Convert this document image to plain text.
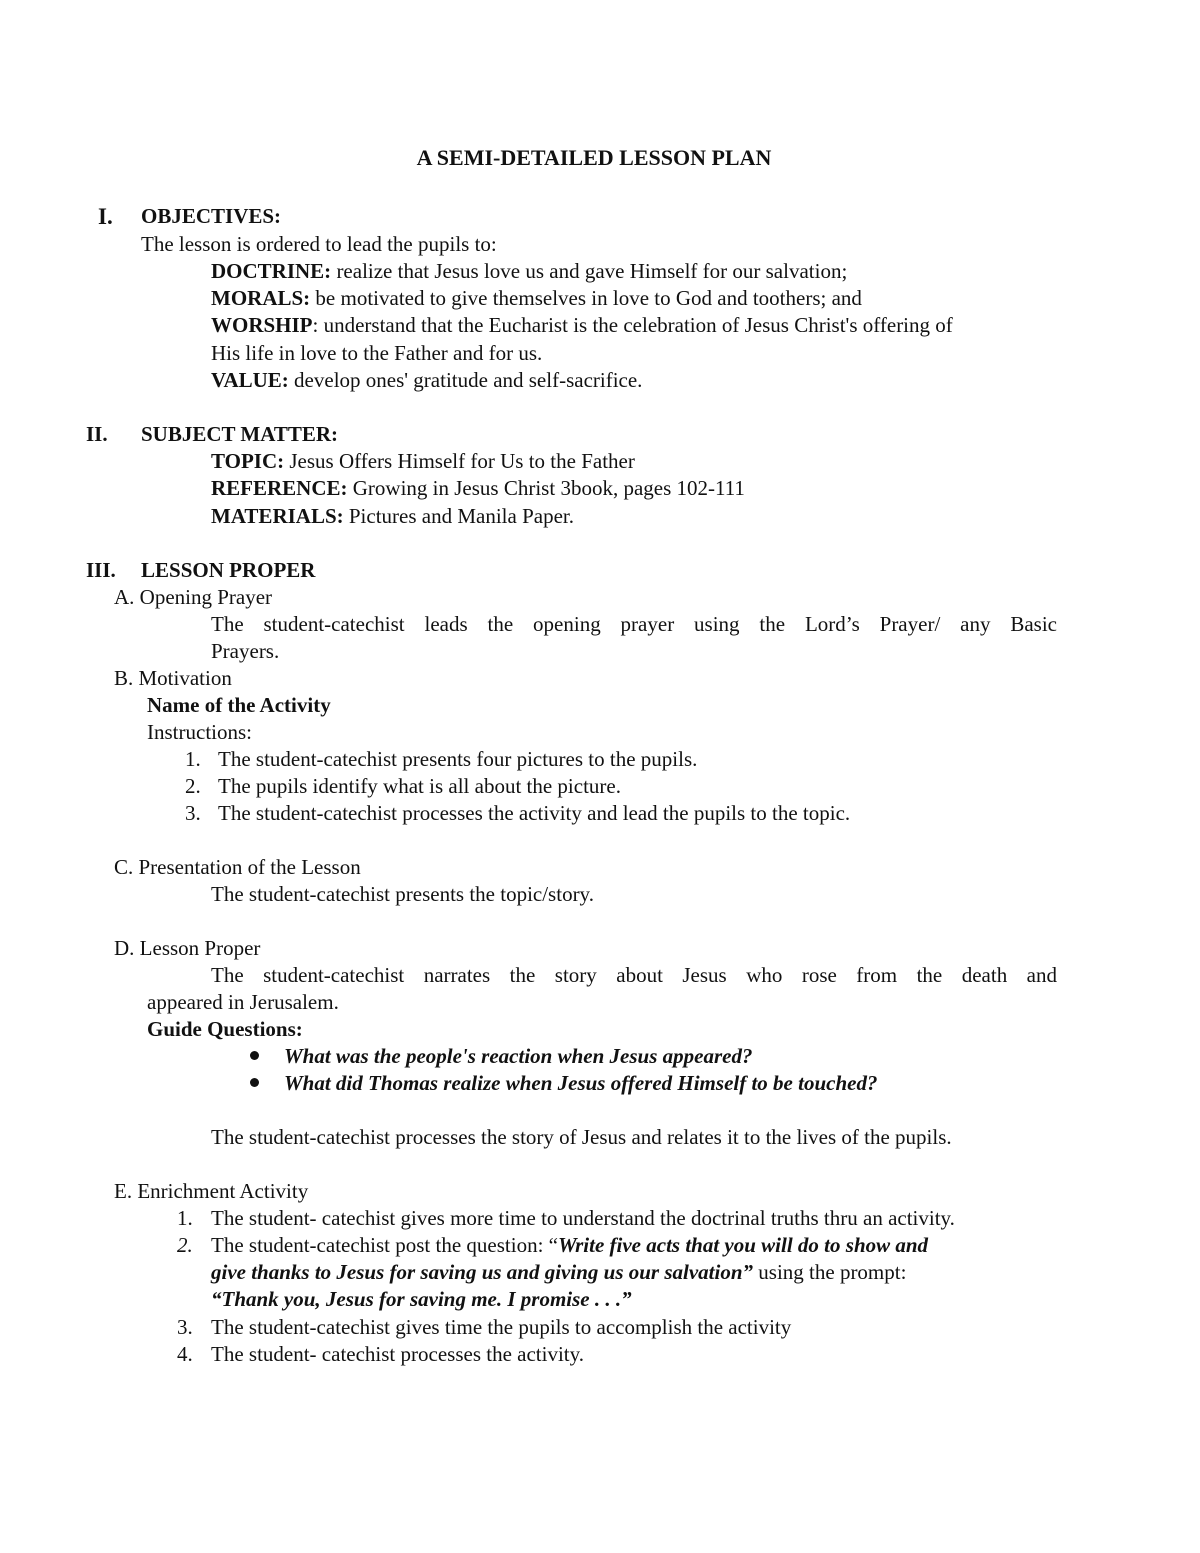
A SEMI-DETAILED LESSON PLAN
I. OBJECTIVES:
The lesson is ordered to lead the pupils to:
DOCTRINE: realize that Jesus love us and gave Himself for our salvation;
MORALS: be motivated to give themselves in love to God and toothers; and
WORSHIP: understand that the Eucharist is the celebration of Jesus Christ's offering of
His life in love to the Father and for us.
VALUE: develop ones' gratitude and self-sacrifice.
II. SUBJECT MATTER:
TOPIC: Jesus Offers Himself for Us to the Father
REFERENCE: Growing in Jesus Christ 3book, pages 102-111
MATERIALS: Pictures and Manila Paper.
III. LESSON PROPER
A. Opening Prayer
The student-catechist leads the opening prayer using the Lord’s Prayer/ any Basic
Prayers.
B. Motivation
Name of the Activity
Instructions:
1. The student-catechist presents four pictures to the pupils.
2. The pupils identify what is all about the picture.
3. The student-catechist processes the activity and lead the pupils to the topic.
C. Presentation of the Lesson
The student-catechist presents the topic/story.
D. Lesson Proper
The student-catechist narrates the story about Jesus who rose from the death and
appeared in Jerusalem.
Guide Questions:
What was the people's reaction when Jesus appeared?
What did Thomas realize when Jesus offered Himself to be touched?
The student-catechist processes the story of Jesus and relates it to the lives of the pupils.
E. Enrichment Activity
1. The student- catechist gives more time to understand the doctrinal truths thru an activity.
2. The student-catechist post the question: “Write five acts that you will do to show and
give thanks to Jesus for saving us and giving us our salvation” using the prompt:
“Thank you, Jesus for saving me. I promise . . .”
3. The student-catechist gives time the pupils to accomplish the activity
4. The student- catechist processes the activity.
